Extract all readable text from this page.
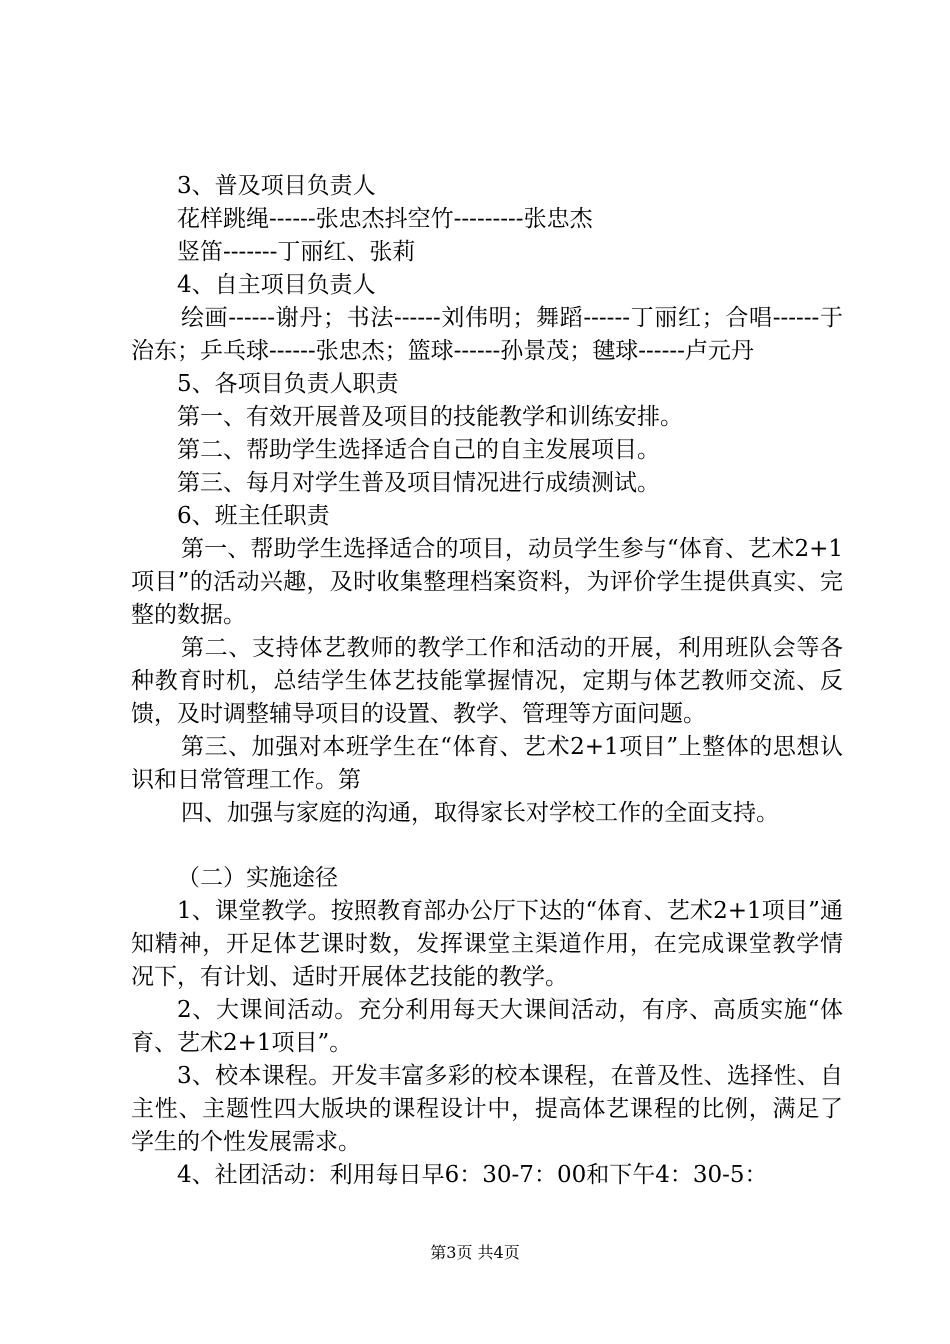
3、普及项目负责人

花样跳绳------张忠杰抖空竹---------张忠杰

竖笛-------丁丽红、张莉

4、自主项目负责人

绘画------谢丹；书法------刘伟明；舞蹈------丁丽红；合唱------于治东；乒乓球------张忠杰；篮球------孙景茂；毽球------卢元丹

5、各项目负责人职责

第一、有效开展普及项目的技能教学和训练安排。

第二、帮助学生选择适合自己的自主发展项目。

第三、每月对学生普及项目情况进行成绩测试。

6、班主任职责

第一、帮助学生选择适合的项目，动员学生参与“体育、艺术2+1项目”的活动兴趣，及时收集整理档案资料，为评价学生提供真实、完整的数据。

第二、支持体艺教师的教学工作和活动的开展，利用班队会等各种教育时机，总结学生体艺技能掌握情况，定期与体艺教师交流、反馈，及时调整辅导项目的设置、教学、管理等方面问题。

第三、加强对本班学生在“体育、艺术2+1项目”上整体的思想认识和日常管理工作。第

四、加强与家庭的沟通，取得家长对学校工作的全面支持。

（二）实施途径

1、课堂教学。按照教育部办公厅下达的“体育、艺术2+1项目”通知精神，开足体艺课时数，发挥课堂主渠道作用，在完成课堂教学情况下，有计划、适时开展体艺技能的教学。

2、大课间活动。充分利用每天大课间活动，有序、高质实施“体育、艺术2+1项目”。

3、校本课程。开发丰富多彩的校本课程，在普及性、选择性、自主性、主题性四大版块的课程设计中，提高体艺课程的比例，满足了学生的个性发展需求。

4、社团活动：利用每日早6：30-7：00和下午4：30-5：

第3页 共4页
